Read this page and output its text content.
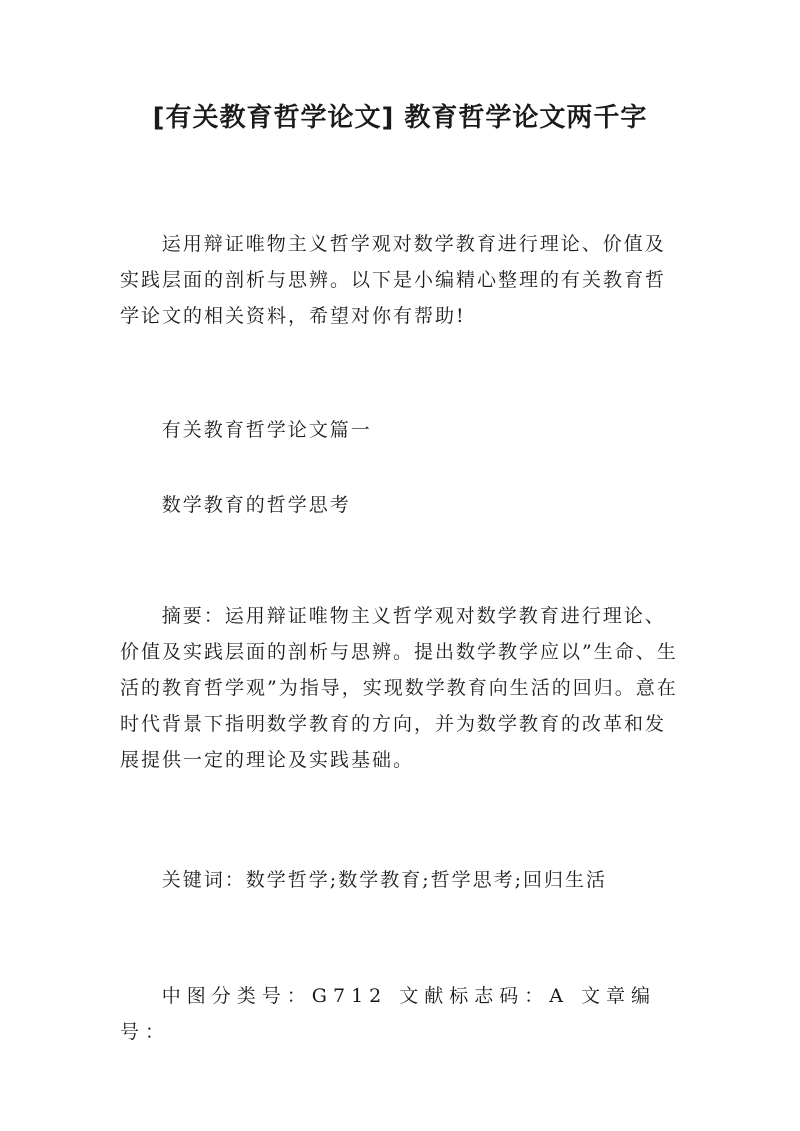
[有关教育哲学论文] 教育哲学论文两千字

运用辩证唯物主义哲学观对数学教育进行理论、价值及实践层面的剖析与思辨。以下是小编精心整理的有关教育哲学论文的相关资料，希望对你有帮助!

有关教育哲学论文篇一

数学教育的哲学思考

摘要：运用辩证唯物主义哲学观对数学教育进行理论、价值及实践层面的剖析与思辨。提出数学教学应以”生命、生活的教育哲学观”为指导，实现数学教育向生活的回归。意在时代背景下指明数学教育的方向，并为数学教育的改革和发展提供一定的理论及实践基础。

关键词：数学哲学;数学教育;哲学思考;回归生活

中图分类号：G712 文献标志码：A 文章编号：
